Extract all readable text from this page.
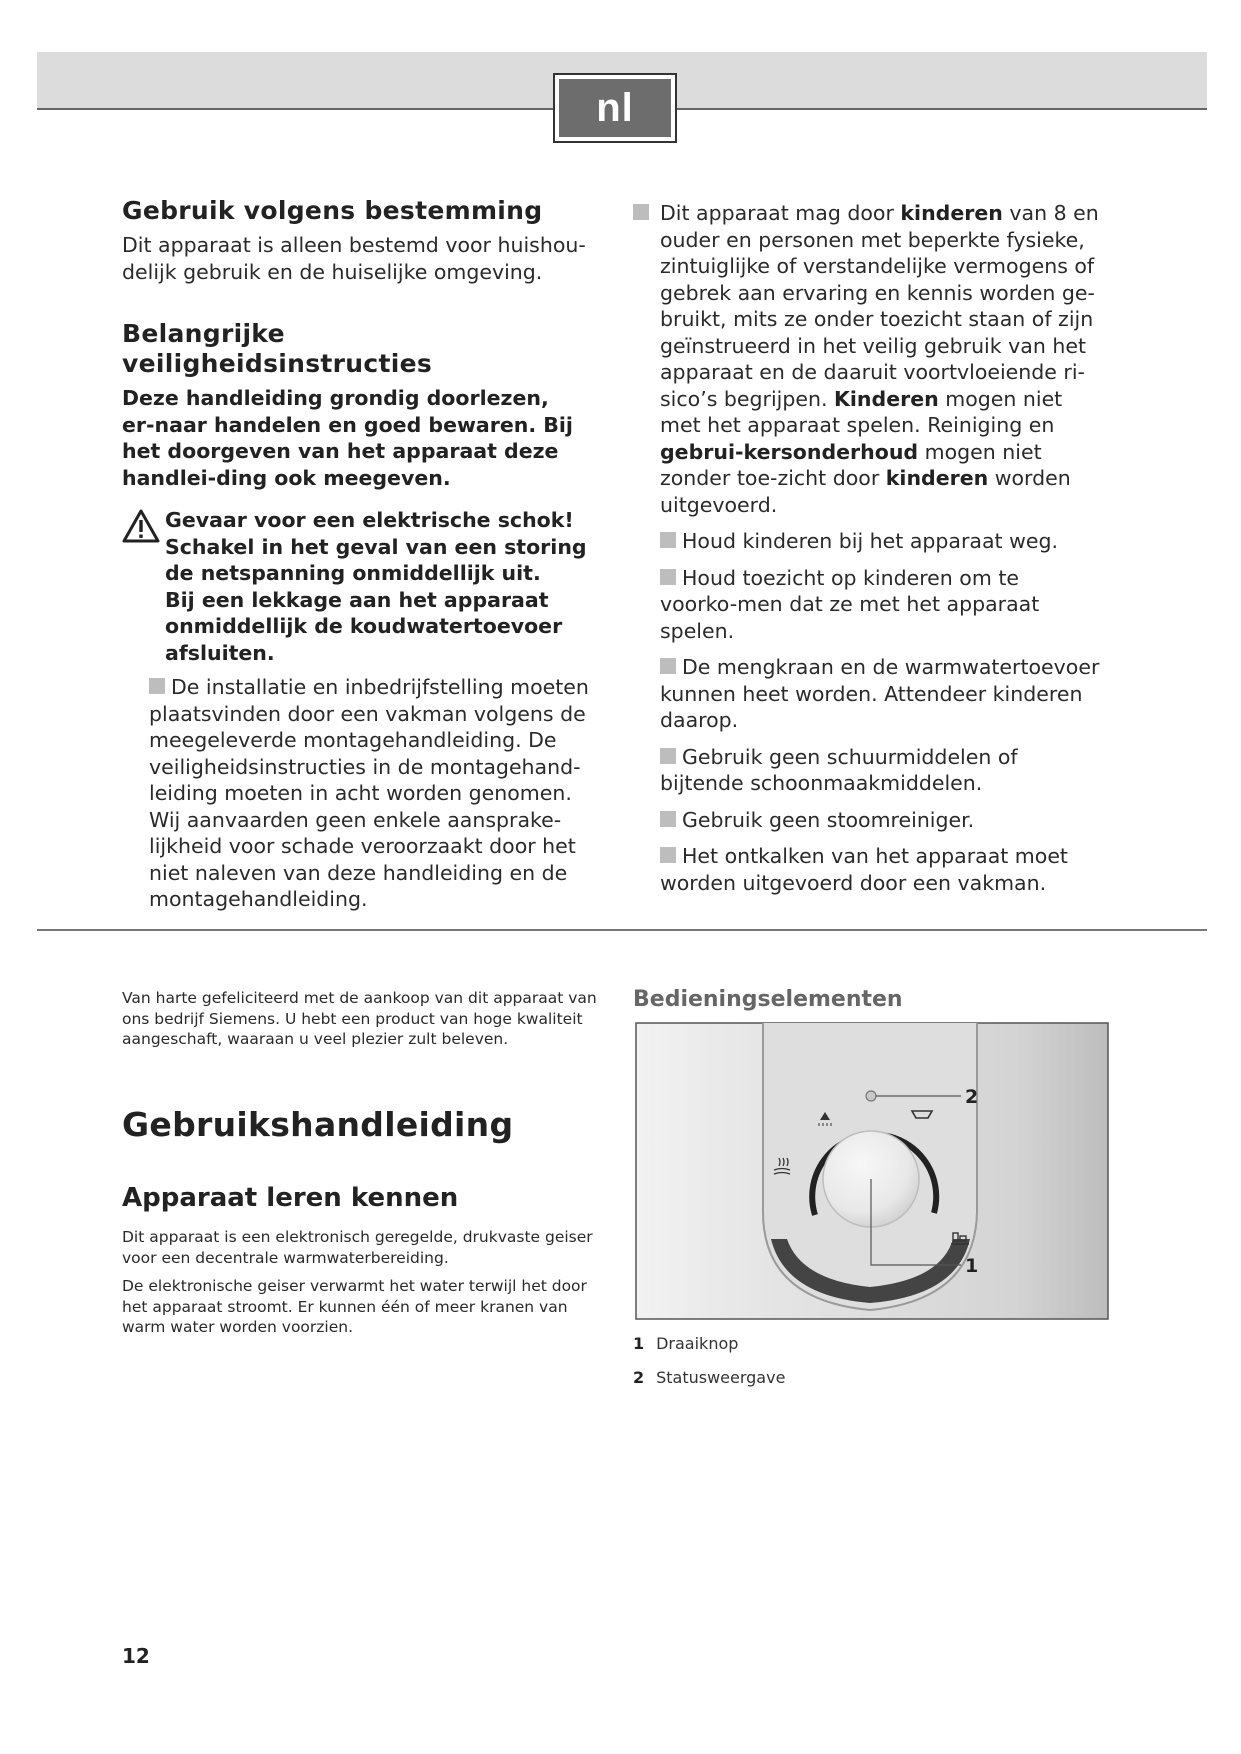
nl
Gebruik volgens bestemming

Dit apparaat is alleen bestemd voor huishou-delijk gebruik en de huiselijke omgeving.

Belangrijke veiligheidsinstructies

Deze handleiding grondig doorlezen, er-naar handelen en goed bewaren. Bij het doorgeven van het apparaat deze handlei-ding ook meegeven.

Gevaar voor een elektrische schok!
Schakel in het geval van een storing de netspanning onmiddellijk uit.
Bij een lekkage aan het apparaat onmiddellijk de koudwatertoevoer afsluiten.
De installatie en inbedrijfstelling moeten plaatsvinden door een vakman volgens de meegeleverde montagehandleiding. De veiligheidsinstructies in de montagehand-leiding moeten in acht worden genomen. Wij aanvaarden geen enkele aansprake-lijkheid voor schade veroorzaakt door het niet naleven van deze handleiding en de montagehandleiding.
Dit apparaat mag door kinderen van 8 en ouder en personen met beperkte fysieke, zintuiglijke of verstandelijke vermogens of gebrek aan ervaring en kennis worden ge-bruikt, mits ze onder toezicht staan of zijn geïnstrueerd in het veilig gebruik van het apparaat en de daaruit voortvloeiende ri-sico’s begrijpen. Kinderen mogen niet met het apparaat spelen. Reiniging en gebrui-kersonderhoud mogen niet zonder toe-zicht door kinderen worden uitgevoerd.
Houd kinderen bij het apparaat weg.
Houd toezicht op kinderen om te voorko-men dat ze met het apparaat spelen.
De mengkraan en de warmwatertoevoer kunnen heet worden. Attendeer kinderen daarop.
Gebruik geen schuurmiddelen of bijtende schoonmaakmiddelen.
Gebruik geen stoomreiniger.
Het ontkalken van het apparaat moet worden uitgevoerd door een vakman.
Van harte gefeliciteerd met de aankoop van dit apparaat van ons bedrijf Siemens. U hebt een product van hoge kwaliteit aangeschaft, waaraan u veel plezier zult beleven.
Gebruikshandleiding
Apparaat leren kennen

Dit apparaat is een elektronisch geregelde, drukvaste geiser voor een decentrale warmwaterbereiding.

De elektronische geiser verwarmt het water terwijl het door het apparaat stroomt. Er kunnen één of meer kranen van warm water worden voorzien.

Bedieningselementen
2
1
1 Draaiknop
2 Statusweergave
12
